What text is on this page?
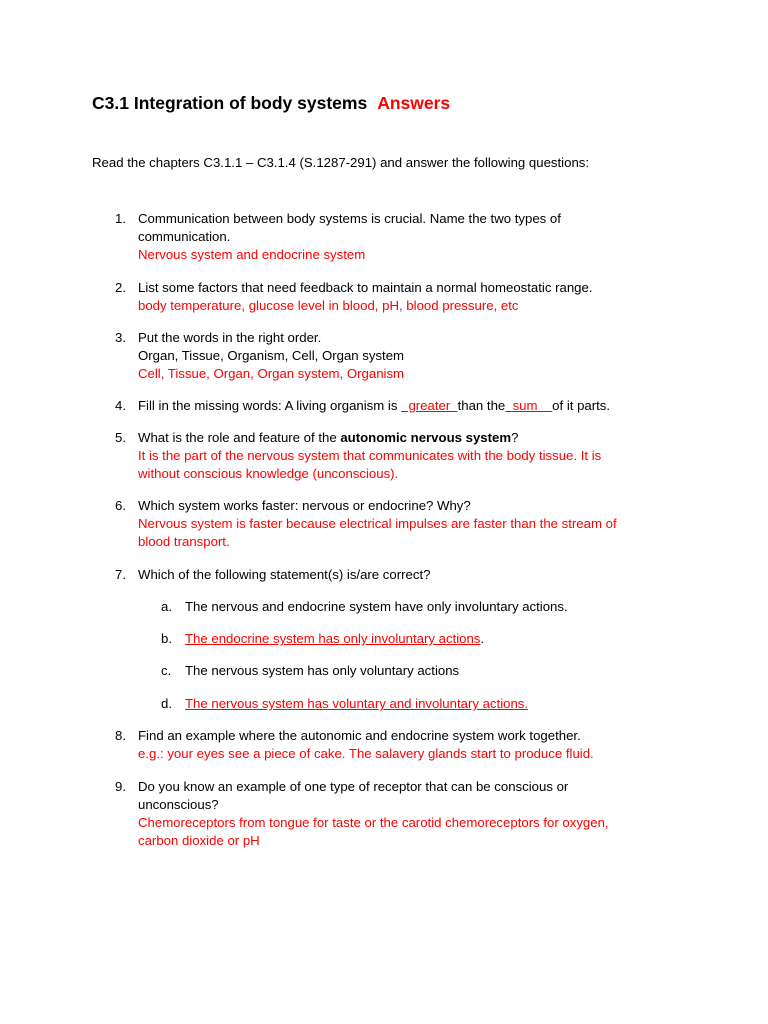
C3.1 Integration of body systems Answers
Read the chapters C3.1.1 – C3.1.4 (S.1287-291) and answer the following questions:
1. Communication between body systems is crucial. Name the two types of
communication.
Nervous system and endocrine system
2. List some factors that need feedback to maintain a normal homeostatic range.
body temperature, glucose level in blood, pH, blood pressure, etc
3. Put the words in the right order.
Organ, Tissue, Organism, Cell, Organ system
Cell, Tissue, Organ, Organ system, Organism
4. Fill in the missing words: A living organism is   greater  than the  sum    of it parts.
5. What is the role and feature of the autonomic nervous system?
It is the part of the nervous system that communicates with the body tissue. It is
without conscious knowledge (unconscious).
6. Which system works faster: nervous or endocrine? Why?
Nervous system is faster because electrical impulses are faster than the stream of
blood transport.
7. Which of the following statement(s) is/are correct?
a. The nervous and endocrine system have only involuntary actions.
b. The endocrine system has only involuntary actions.
c. The nervous system has only voluntary actions
d. The nervous system has voluntary and involuntary actions.
8. Find an example where the autonomic and endocrine system work together.
e.g.: your eyes see a piece of cake. The salavery glands start to produce fluid.
9. Do you know an example of one type of receptor that can be conscious or
unconscious?
Chemoreceptors from tongue for taste or the carotid chemoreceptors for oxygen,
carbon dioxide or pH
